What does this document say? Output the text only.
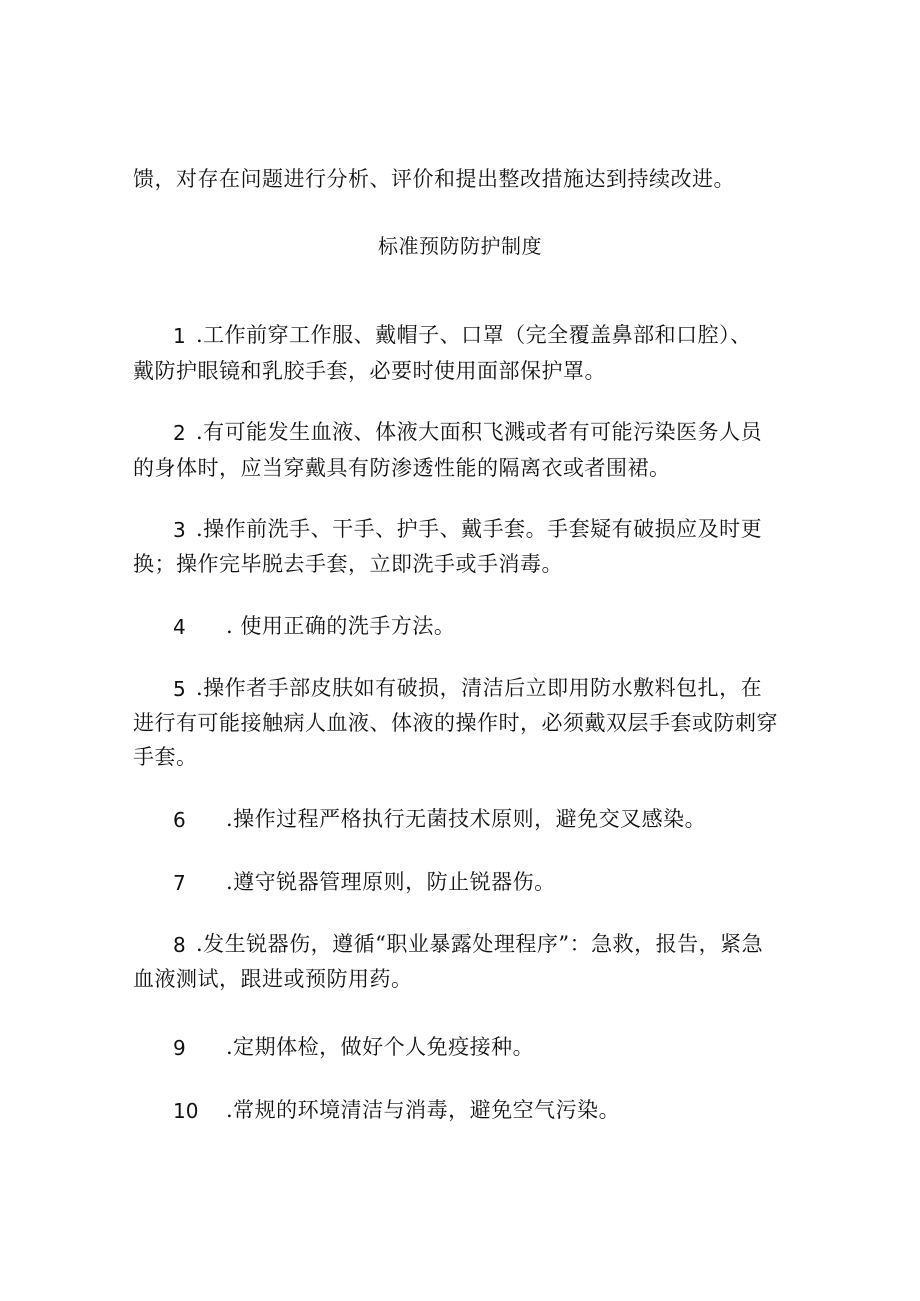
馈，对存在问题进行分析、评价和提出整改措施达到持续改进。
标准预防防护制度
1 .工作前穿工作服、戴帽子、口罩（完全覆盖鼻部和口腔）、
戴防护眼镜和乳胶手套，必要时使用面部保护罩。
2 .有可能发生血液、体液大面积飞溅或者有可能污染医务人员
的身体时，应当穿戴具有防渗透性能的隔离衣或者围裙。
3 .操作前洗手、干手、护手、戴手套。手套疑有破损应及时更
换；操作完毕脱去手套，立即洗手或手消毒。
4 . 使用正确的洗手方法。
5 .操作者手部皮肤如有破损，清洁后立即用防水敷料包扎，在
进行有可能接触病人血液、体液的操作时，必须戴双层手套或防刺穿
手套。
6 .操作过程严格执行无菌技术原则，避免交叉感染。
7 .遵守锐器管理原则，防止锐器伤。
8 .发生锐器伤，遵循“职业暴露处理程序”：急救，报告，紧急
血液测试，跟进或预防用药。
9 .定期体检，做好个人免疫接种。
10 .常规的环境清洁与消毒，避免空气污染。
